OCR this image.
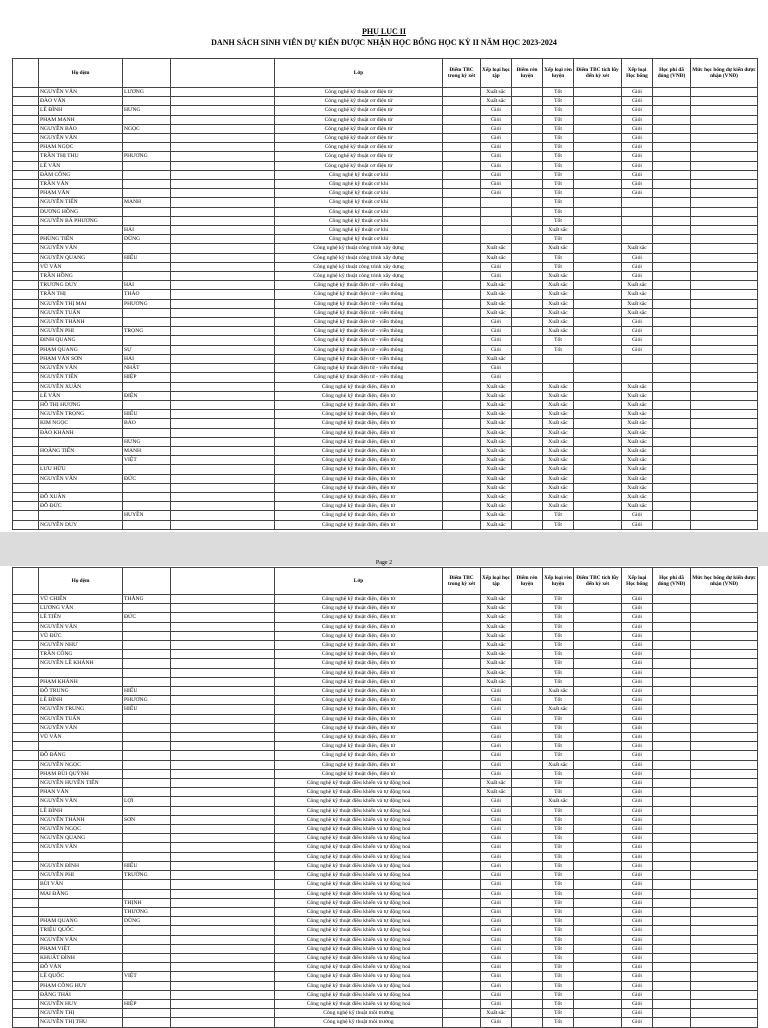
PHỤ LỤC II
DANH SÁCH SINH VIÊN DỰ KIẾN ĐƯỢC NHẬN HỌC BỔNG HỌC KỲ II NĂM HỌC 2023-2024
	Họ đệm			Lớp	Điểm TBC trong kỳ xét	Xếp loại học tập	Điểm rèn luyện	Xếp loại rèn luyện	Điểm TBC tích lũy đến kỳ xét	Xếp loại Học bổng	Học phí đã đóng (VNĐ)	Mức học bổng dự kiến được nhận (VNĐ)
	NGUYỄN VĂN	LƯƠNG		Công nghệ kỹ thuật cơ điện tử		Xuất sắc		Tốt		Giỏi		
	ĐÀO VĂN			Công nghệ kỹ thuật cơ điện tử		Xuất sắc		Tốt		Giỏi		
	LÊ ĐÌNH	HƯNG		Công nghệ kỹ thuật cơ điện tử		Giỏi		Tốt		Giỏi		
	PHẠM MẠNH			Công nghệ kỹ thuật cơ điện tử		Giỏi		Tốt		Giỏi		
	NGUYỄN BẢO	NGỌC		Công nghệ kỹ thuật cơ điện tử		Giỏi		Tốt		Giỏi		
	NGUYỄN VĂN			Công nghệ kỹ thuật cơ điện tử		Giỏi		Tốt		Giỏi		
	PHẠM NGỌC			Công nghệ kỹ thuật cơ điện tử		Giỏi		Tốt		Giỏi		
	TRẦN THỊ THU	PHƯƠNG		Công nghệ kỹ thuật cơ điện tử		Giỏi		Tốt		Giỏi		
	LÊ VĂN			Công nghệ kỹ thuật cơ điện tử		Giỏi		Tốt		Giỏi		
	ĐÀM CÔNG			Công nghệ kỹ thuật cơ khí		Giỏi		Tốt		Giỏi		
	TRẦN VĂN			Công nghệ kỹ thuật cơ khí		Giỏi		Tốt		Giỏi		
	PHẠM VĂN			Công nghệ kỹ thuật cơ khí		Giỏi		Tốt		Giỏi		
	NGUYỄN TIẾN	MẠNH		Công nghệ kỹ thuật cơ khí				Tốt				
	DƯƠNG HỒNG			Công nghệ kỹ thuật cơ khí				Tốt				
	NGUYỄN BÁ PHƯƠNG			Công nghệ kỹ thuật cơ khí				Tốt				
		HẢI		Công nghệ kỹ thuật cơ khí				Xuất sắc				
	PHÙNG TIẾN	DŨNG		Công nghệ kỹ thuật cơ khí				Tốt				
	NGUYỄN VĂN			Công nghệ kỹ thuật công trình xây dựng		Xuất sắc		Xuất sắc		Xuất sắc		
	NGUYỄN QUANG	HIẾU		Công nghệ kỹ thuật công trình xây dựng		Xuất sắc		Tốt		Giỏi		
	VŨ VĂN			Công nghệ kỹ thuật công trình xây dựng		Giỏi		Tốt		Giỏi		
	TRẦN HỒNG			Công nghệ kỹ thuật công trình xây dựng		Giỏi		Xuất sắc		Giỏi		
	TRƯƠNG DUY	HẢI		Công nghệ kỹ thuật điện tử - viễn thông		Xuất sắc		Xuất sắc		Xuất sắc		
	TRẦN THỊ	THẢO		Công nghệ kỹ thuật điện tử - viễn thông		Xuất sắc		Xuất sắc		Xuất sắc		
	NGUYỄN THỊ MAI	PHƯƠNG		Công nghệ kỹ thuật điện tử - viễn thông		Xuất sắc		Xuất sắc		Xuất sắc		
	NGUYỄN TUẤN			Công nghệ kỹ thuật điện tử - viễn thông		Xuất sắc		Xuất sắc		Xuất sắc		
	NGUYỄN THÀNH			Công nghệ kỹ thuật điện tử - viễn thông		Giỏi		Xuất sắc		Giỏi		
	NGUYỄN PHI	TRỌNG		Công nghệ kỹ thuật điện tử - viễn thông		Giỏi		Xuất sắc		Giỏi		
	ĐINH QUANG			Công nghệ kỹ thuật điện tử - viễn thông		Giỏi		Tốt		Giỏi		
	PHẠM QUANG	SỰ		Công nghệ kỹ thuật điện tử - viễn thông		Giỏi		Tốt		Giỏi		
	PHẠM VĂN SƠN	HẢI		Công nghệ kỹ thuật điện tử - viễn thông		Xuất sắc						
	NGUYỄN VĂN	NHẬT		Công nghệ kỹ thuật điện tử - viễn thông		Giỏi						
	NGUYỄN TIẾN	HIỆP		Công nghệ kỹ thuật điện tử - viễn thông		Giỏi						
	NGUYỄN XUÂN			Công nghệ kỹ thuật điện, điện tử		Xuất sắc		Xuất sắc		Xuất sắc		
	LÊ VĂN	ĐIỆN		Công nghệ kỹ thuật điện, điện tử		Xuất sắc		Xuất sắc		Xuất sắc		
	HỒ THỊ HƯƠNG			Công nghệ kỹ thuật điện, điện tử		Xuất sắc		Xuất sắc		Xuất sắc		
	NGUYỄN TRỌNG	HIẾU		Công nghệ kỹ thuật điện, điện tử		Xuất sắc		Xuất sắc		Xuất sắc		
	KIM NGỌC	BẢO		Công nghệ kỹ thuật điện, điện tử		Xuất sắc		Xuất sắc		Xuất sắc		
	ĐÀO KHÁNH			Công nghệ kỹ thuật điện, điện tử		Xuất sắc		Xuất sắc		Xuất sắc		
		HƯNG		Công nghệ kỹ thuật điện, điện tử		Xuất sắc		Xuất sắc		Xuất sắc		
	HOÀNG TIẾN	MẠNH		Công nghệ kỹ thuật điện, điện tử		Xuất sắc		Xuất sắc		Xuất sắc		
		VIỆT		Công nghệ kỹ thuật điện, điện tử		Xuất sắc		Xuất sắc		Xuất sắc		
	LƯU HỮU			Công nghệ kỹ thuật điện, điện tử		Xuất sắc		Xuất sắc		Xuất sắc		
	NGUYỄN VĂN	ĐỨC		Công nghệ kỹ thuật điện, điện tử		Xuất sắc		Xuất sắc		Xuất sắc		
				Công nghệ kỹ thuật điện, điện tử		Xuất sắc		Xuất sắc		Xuất sắc		
	ĐỖ XUÂN			Công nghệ kỹ thuật điện, điện tử		Xuất sắc		Xuất sắc		Xuất sắc		
	ĐỖ ĐỨC			Công nghệ kỹ thuật điện, điện tử		Xuất sắc		Xuất sắc		Xuất sắc		
		HUYỀN		Công nghệ kỹ thuật điện, điện tử		Xuất sắc		Tốt		Giỏi		
	NGUYỄN DUY			Công nghệ kỹ thuật điện, điện tử		Xuất sắc		Tốt		Giỏi		
Page 2
	Họ đệm			Lớp	Điểm TBC trong kỳ xét	Xếp loại học tập	Điểm rèn luyện	Xếp loại rèn luyện	Điểm TBC tích lũy đến kỳ xét	Xếp loại Học bổng	Học phí đã đóng (VNĐ)	Mức học bổng dự kiến được nhận (VNĐ)
	VŨ CHIẾN	THẮNG		Công nghệ kỹ thuật điện, điện tử		Xuất sắc		Tốt		Giỏi		
	LƯƠNG VĂN			Công nghệ kỹ thuật điện, điện tử		Xuất sắc		Tốt		Giỏi		
	LÊ TIẾN	ĐỨC		Công nghệ kỹ thuật điện, điện tử		Xuất sắc		Tốt		Giỏi		
	NGUYỄN VĂN			Công nghệ kỹ thuật điện, điện tử		Xuất sắc		Tốt		Giỏi		
	VŨ ĐỨC			Công nghệ kỹ thuật điện, điện tử		Xuất sắc		Tốt		Giỏi		
	NGUYỄN NHƯ			Công nghệ kỹ thuật điện, điện tử		Xuất sắc		Tốt		Giỏi		
	TRẦN CÔNG			Công nghệ kỹ thuật điện, điện tử		Xuất sắc		Tốt		Giỏi		
	NGUYỄN LÊ KHÁNH			Công nghệ kỹ thuật điện, điện tử		Xuất sắc		Tốt		Giỏi		
				Công nghệ kỹ thuật điện, điện tử		Xuất sắc		Tốt		Giỏi		
	PHẠM KHÁNH			Công nghệ kỹ thuật điện, điện tử		Xuất sắc		Tốt		Giỏi		
	ĐỖ TRUNG	HIẾU		Công nghệ kỹ thuật điện, điện tử		Giỏi		Xuất sắc		Giỏi		
	LÊ ĐÌNH	PHƯƠNG		Công nghệ kỹ thuật điện, điện tử		Giỏi		Tốt		Giỏi		
	NGUYỄN TRUNG	HIẾU		Công nghệ kỹ thuật điện, điện tử		Giỏi		Xuất sắc		Giỏi		
	NGUYỄN TUẤN			Công nghệ kỹ thuật điện, điện tử		Giỏi		Tốt		Giỏi		
	NGUYỄN VĂN			Công nghệ kỹ thuật điện, điện tử		Giỏi		Tốt		Giỏi		
	VŨ VĂN			Công nghệ kỹ thuật điện, điện tử		Giỏi		Tốt		Giỏi		
				Công nghệ kỹ thuật điện, điện tử		Giỏi		Tốt		Giỏi		
	ĐỖ ĐĂNG			Công nghệ kỹ thuật điện, điện tử		Giỏi		Tốt		Giỏi		
	NGUYỄN NGỌC			Công nghệ kỹ thuật điện, điện tử		Giỏi		Xuất sắc		Giỏi		
	PHẠM BÙI QUỲNH			Công nghệ kỹ thuật điện, điện tử		Giỏi		Tốt		Giỏi		
	NGUYỄN HUYỀN TIẾN			Công nghệ kỹ thuật điều khiển và tự động hoá		Xuất sắc		Tốt		Giỏi		
	PHAN VĂN			Công nghệ kỹ thuật điều khiển và tự động hoá		Xuất sắc		Tốt		Giỏi		
	NGUYỄN VĂN	LỢI		Công nghệ kỹ thuật điều khiển và tự động hoá		Giỏi		Xuất sắc		Giỏi		
	LÊ ĐÌNH			Công nghệ kỹ thuật điều khiển và tự động hoá		Giỏi		Tốt		Giỏi		
	NGUYỄN THÀNH	SƠN		Công nghệ kỹ thuật điều khiển và tự động hoá		Giỏi		Tốt		Giỏi		
	NGUYỄN NGỌC			Công nghệ kỹ thuật điều khiển và tự động hoá		Giỏi		Tốt		Giỏi		
	NGUYỄN QUANG			Công nghệ kỹ thuật điều khiển và tự động hoá		Giỏi		Tốt		Giỏi		
	NGUYỄN VĂN			Công nghệ kỹ thuật điều khiển và tự động hoá		Giỏi		Tốt		Giỏi		
				Công nghệ kỹ thuật điều khiển và tự động hoá		Giỏi		Tốt		Giỏi		
	NGUYỄN ĐÌNH	HIẾU		Công nghệ kỹ thuật điều khiển và tự động hoá		Giỏi		Tốt		Giỏi		
	NGUYỄN PHI	TRƯỜNG		Công nghệ kỹ thuật điều khiển và tự động hoá		Giỏi		Tốt		Giỏi		
	BÙI VĂN			Công nghệ kỹ thuật điều khiển và tự động hoá		Giỏi		Tốt		Giỏi		
	MAI ĐĂNG			Công nghệ kỹ thuật điều khiển và tự động hoá		Giỏi		Tốt		Giỏi		
		THỊNH		Công nghệ kỹ thuật điều khiển và tự động hoá		Giỏi		Tốt		Giỏi		
		THƯƠNG		Công nghệ kỹ thuật điều khiển và tự động hoá		Giỏi		Tốt		Giỏi		
	PHẠM QUANG	DŨNG		Công nghệ kỹ thuật điều khiển và tự động hoá		Giỏi		Tốt		Giỏi		
	TRIỆU QUỐC			Công nghệ kỹ thuật điều khiển và tự động hoá		Giỏi		Tốt		Giỏi		
	NGUYỄN VĂN			Công nghệ kỹ thuật điều khiển và tự động hoá		Giỏi		Tốt		Giỏi		
	PHẠM VIỆT			Công nghệ kỹ thuật điều khiển và tự động hoá		Giỏi		Tốt		Giỏi		
	KHUẤT ĐÌNH			Công nghệ kỹ thuật điều khiển và tự động hoá		Giỏi		Tốt		Giỏi		
	ĐỖ VĂN			Công nghệ kỹ thuật điều khiển và tự động hoá		Giỏi		Tốt		Giỏi		
	LÊ QUỐC	VIỆT		Công nghệ kỹ thuật điều khiển và tự động hoá		Giỏi		Tốt		Giỏi		
	PHẠM CÔNG HUY			Công nghệ kỹ thuật điều khiển và tự động hoá		Giỏi		Tốt		Giỏi		
	ĐẶNG THÁI			Công nghệ kỹ thuật điều khiển và tự động hoá		Giỏi		Tốt		Giỏi		
	NGUYỄN HUY	HIỆP		Công nghệ kỹ thuật điều khiển và tự động hoá		Giỏi		Tốt		Giỏi		
	NGUYỄN THỊ			Công nghệ kỹ thuật môi trường		Xuất sắc		Tốt		Giỏi		
	NGUYỄN THỊ THU			Công nghệ kỹ thuật môi trường		Giỏi		Tốt		Giỏi		
